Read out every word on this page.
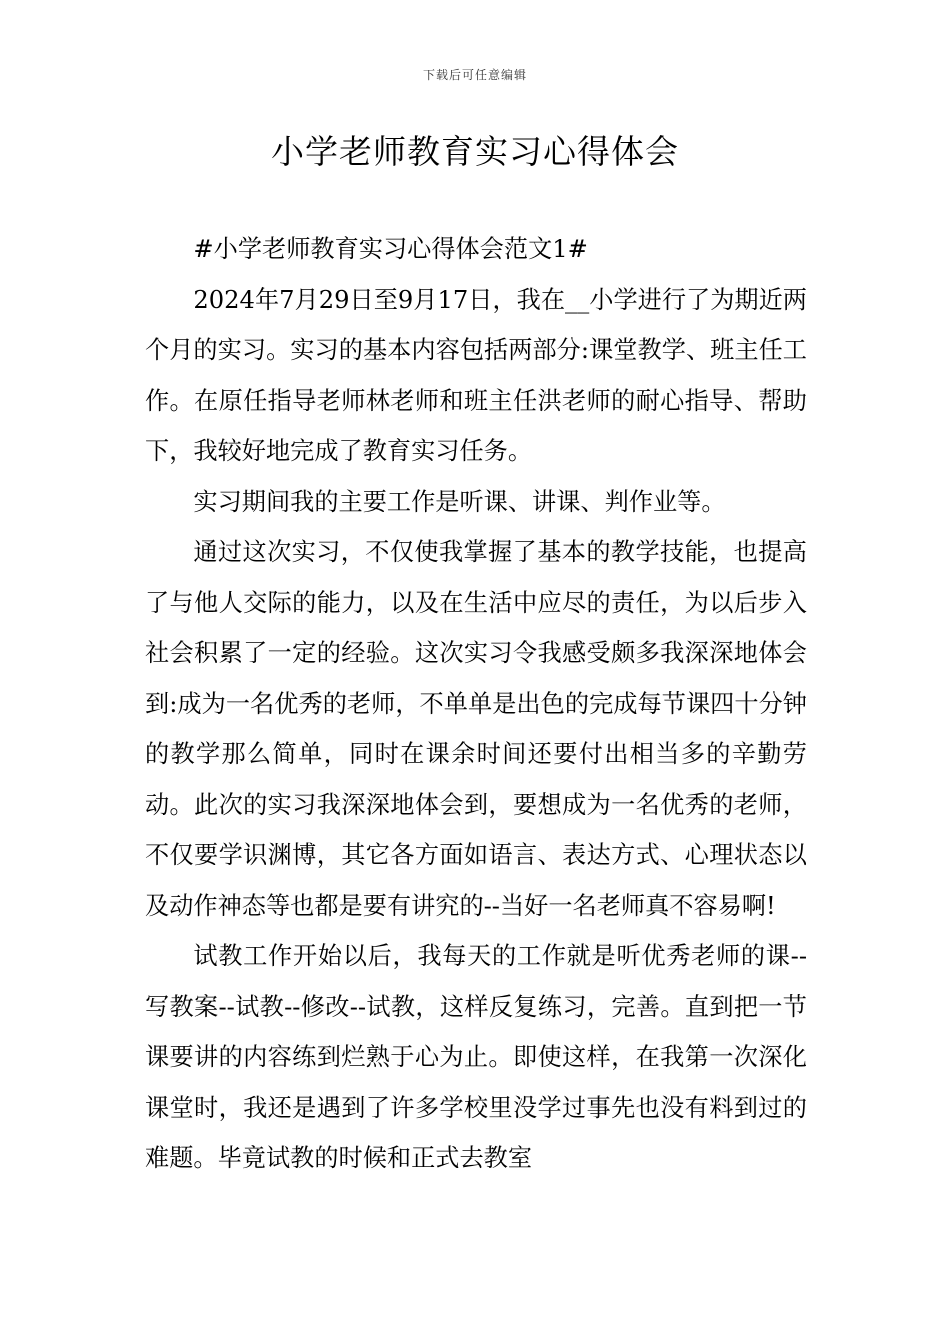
下载后可任意编辑
小学老师教育实习心得体会

#小学老师教育实习心得体会范文1#

2024年7月29日至9月17日，我在__小学进行了为期近两个月的实习。实习的基本内容包括两部分:课堂教学、班主任工作。在原任指导老师林老师和班主任洪老师的耐心指导、帮助下，我较好地完成了教育实习任务。

实习期间我的主要工作是听课、讲课、判作业等。

通过这次实习，不仅使我掌握了基本的教学技能，也提高了与他人交际的能力，以及在生活中应尽的责任，为以后步入社会积累了一定的经验。这次实习令我感受颇多我深深地体会到:成为一名优秀的老师，不单单是出色的完成每节课四十分钟的教学那么简单，同时在课余时间还要付出相当多的辛勤劳动。此次的实习我深深地体会到，要想成为一名优秀的老师，不仅要学识渊博，其它各方面如语言、表达方式、心理状态以及动作神态等也都是要有讲究的--当好一名老师真不容易啊!

试教工作开始以后，我每天的工作就是听优秀老师的课--写教案--试教--修改--试教，这样反复练习，完善。直到把一节课要讲的内容练到烂熟于心为止。即使这样，在我第一次深化课堂时，我还是遇到了许多学校里没学过事先也没有料到过的难题。毕竟试教的时候和正式去教室
